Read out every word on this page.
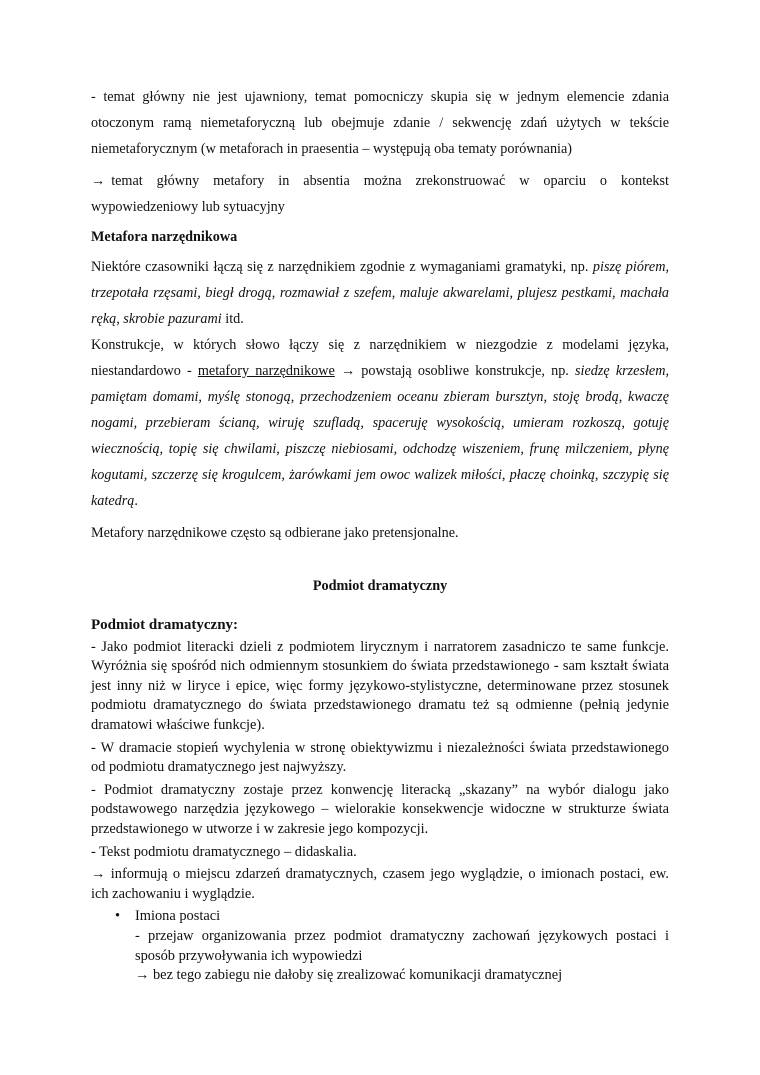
- temat główny nie jest ujawniony, temat pomocniczy skupia się w jednym elemencie zdania otoczonym ramą niemetaforyczną lub obejmuje zdanie / sekwencję zdań użytych w tekście niemetaforycznym (w metaforach in praesentia – występują oba tematy porównania)

→ temat główny metafory in absentia można zrekonstruować w oparciu o kontekst wypowiedzeniowy lub sytuacyjny

Metafora narzędnikowa

Niektóre czasowniki łączą się z narzędnikiem zgodnie z wymaganiami gramatyki, np. piszę piórem, trzepotała rzęsami, biegł drogą, rozmawiał z szefem, maluje akwarelami, plujesz pestkami, machała ręką, skrobie pazurami itd.

Konstrukcje, w których słowo łączy się z narzędnikiem w niezgodzie z modelami języka, niestandardowo - metafory narzędnikowe → powstają osobliwe konstrukcje, np. siedzę krzesłem, pamiętam domami, myślę stonogą, przechodzeniem oceanu zbieram bursztyn, stoję brodą, kwaczę nogami, przebieram ścianą, wiruję szufladą, spaceruję wysokością, umieram rozkoszą, gotuję wiecznością, topię się chwilami, piszczę niebiosami, odchodzę wiszeniem, frunę milczeniem, płynę kogutami, szczerzę się krogulcem, żarówkami jem owoc walizek miłości, płaczę choinką, szczypię się katedrą.

Metafory narzędnikowe często są odbierane jako pretensjonalne.

Podmiot dramatyczny

Podmiot dramatyczny:

- Jako podmiot literacki dzieli z podmiotem lirycznym i narratorem zasadniczo te same funkcje. Wyróżnia się spośród nich odmiennym stosunkiem do świata przedstawionego - sam kształt świata jest inny niż w liryce i epice, więc formy językowo-stylistyczne, determinowane przez stosunek podmiotu dramatycznego do świata przedstawionego dramatu też są odmienne (pełnią jedynie dramatowi właściwe funkcje).

- W dramacie stopień wychylenia w stronę obiektywizmu i niezależności świata przedstawionego od podmiotu dramatycznego jest najwyższy.

- Podmiot dramatyczny zostaje przez konwencję literacką „skazany” na wybór dialogu jako podstawowego narzędzia językowego – wielorakie konsekwencje widoczne w strukturze świata przedstawionego w utworze i w zakresie jego kompozycji.

- Tekst podmiotu dramatycznego – didaskalia.

→ informują o miejscu zdarzeń dramatycznych, czasem jego wyglądzie, o imionach postaci, ew. ich zachowaniu i wyglądzie.

• Imiona postaci

- przejaw organizowania przez podmiot dramatyczny zachowań językowych postaci i sposób przywoływania ich wypowiedzi

→ bez tego zabiegu nie dałoby się zrealizować komunikacji dramatycznej
